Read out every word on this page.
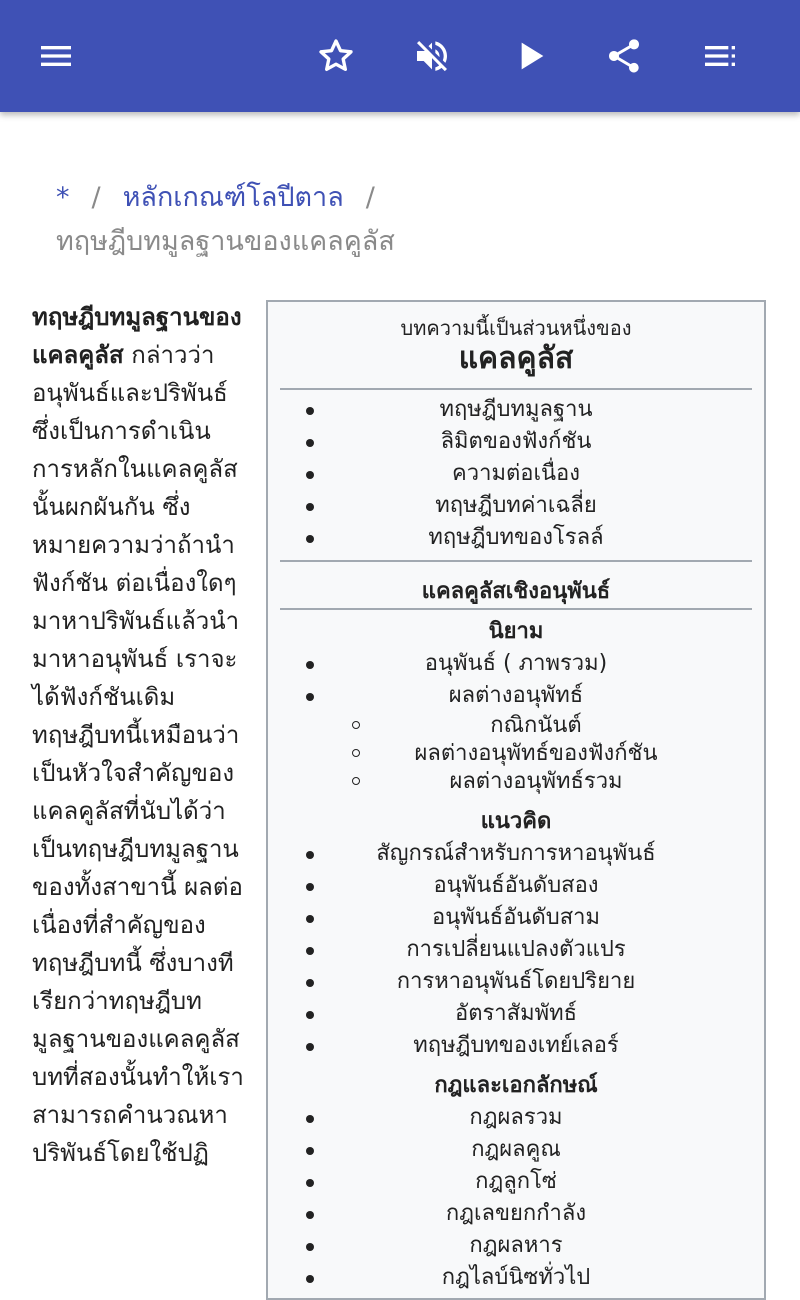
* / หลักเกณฑ์โลปีตาล /
ทฤษฎีบทมูลฐานของแคลคูลัส
ทฤษฎีบทมูลฐานของแคลคูลัส กล่าวว่าอนุพันธ์และปริพันธ์ ซึ่งเป็นการดำเนินการหลักในแคลคูลัสนั้นผกผันกัน ซึ่งหมายความว่าถ้านำฟังก์ชัน ต่อเนื่องใดๆมาหาปริพันธ์แล้วนำมาหาอนุพันธ์ เราจะได้ฟังก์ชันเดิม ทฤษฎีบทนี้เหมือนว่าเป็นหัวใจสำคัญของแคลคูลัสที่นับได้ว่าเป็นทฤษฎีบทมูลฐานของทั้งสาขานี้ ผลต่อเนื่องที่สำคัญของทฤษฎีบทนี้ ซึ่งบางทีเรียกว่าทฤษฎีบทมูลฐานของแคลคูลัสบทที่สองนั้นทำให้เราสามารถคำนวณหาปริพันธ์โดยใช้ปฏิ
บทความนี้เป็นส่วนหนึ่งของ
แคลคูลัส
ทฤษฎีบทมูลฐาน
ลิมิตของฟังก์ชัน
ความต่อเนื่อง
ทฤษฎีบทค่าเฉลี่ย
ทฤษฎีบทของโรลล์
แคลคูลัสเชิงอนุพันธ์
นิยาม
อนุพันธ์ ( ภาพรวม)
ผลต่างอนุพัทธ์
กณิกนันต์
ผลต่างอนุพัทธ์ของฟังก์ชัน
ผลต่างอนุพัทธ์รวม
แนวคิด
สัญกรณ์สำหรับการหาอนุพันธ์
อนุพันธ์อันดับสอง
อนุพันธ์อันดับสาม
การเปลี่ยนแปลงตัวแปร
การหาอนุพันธ์โดยปริยาย
อัตราสัมพัทธ์
ทฤษฎีบทของเทย์เลอร์
กฎและเอกลักษณ์
กฎผลรวม
กฎผลคูณ
กฎลูกโซ่
กฎเลขยกกำลัง
กฎผลหาร
กฎไลบ์นิซทั่วไป
